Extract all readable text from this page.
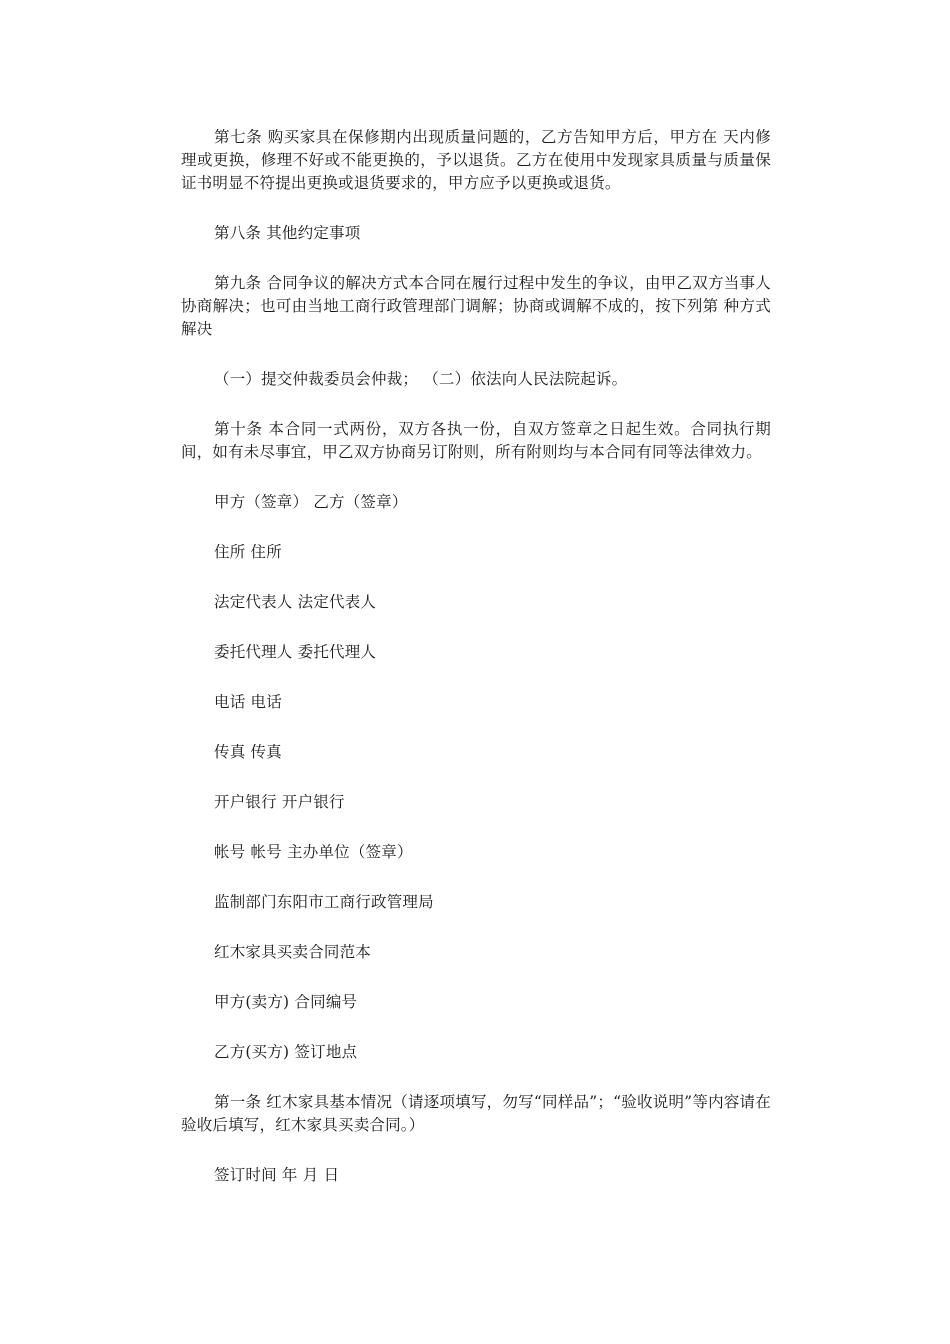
第七条 购买家具在保修期内出现质量问题的，乙方告知甲方后，甲方在 天内修理或更换，修理不好或不能更换的，予以退货。乙方在使用中发现家具质量与质量保证书明显不符提出更换或退货要求的，甲方应予以更换或退货。

第八条 其他约定事项

第九条 合同争议的解决方式本合同在履行过程中发生的争议，由甲乙双方当事人协商解决；也可由当地工商行政管理部门调解；协商或调解不成的，按下列第 种方式解决

（一）提交仲裁委员会仲裁； （二）依法向人民法院起诉。

第十条 本合同一式两份，双方各执一份，自双方签章之日起生效。合同执行期间，如有未尽事宜，甲乙双方协商另订附则，所有附则均与本合同有同等法律效力。

甲方（签章） 乙方（签章）

住所 住所

法定代表人 法定代表人

委托代理人 委托代理人

电话 电话

传真 传真

开户银行 开户银行

帐号 帐号 主办单位（签章）

监制部门东阳市工商行政管理局

红木家具买卖合同范本

甲方(卖方) 合同编号

乙方(买方) 签订地点

第一条 红木家具基本情况（请逐项填写，勿写“同样品”；“验收说明”等内容请在验收后填写，红木家具买卖合同。）

签订时间 年 月 日
